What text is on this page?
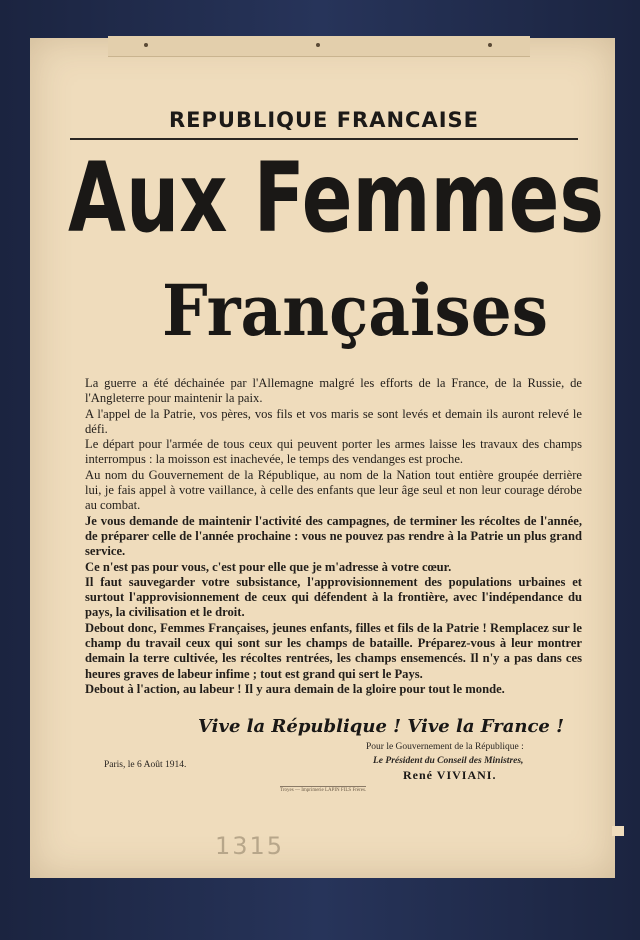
REPUBLIQUE FRANCAISE
Aux Femmes
Françaises

La guerre a été déchainée par l'Allemagne malgré les efforts de la France, de la Russie, de l'Angleterre pour maintenir la paix.

A l'appel de la Patrie, vos pères, vos fils et vos maris se sont levés et demain ils auront relevé le défi.

Le départ pour l'armée de tous ceux qui peuvent porter les armes laisse les travaux des champs interrompus : la moisson est inachevée, le temps des vendanges est proche.

Au nom du Gouvernement de la République, au nom de la Nation tout entière groupée derrière lui, je fais appel à votre vaillance, à celle des enfants que leur âge seul et non leur courage dérobe au combat.

Je vous demande de maintenir l'activité des campagnes, de terminer les récoltes de l'année, de préparer celle de l'année prochaine : vous ne pouvez pas rendre à la Patrie un plus grand service.

Ce n'est pas pour vous, c'est pour elle que je m'adresse à votre cœur.

Il faut sauvegarder votre subsistance, l'approvisionnement des populations urbaines et surtout l'approvisionnement de ceux qui défendent à la frontière, avec l'indépendance du pays, la civilisation et le droit.

Debout donc, Femmes Françaises, jeunes enfants, filles et fils de la Patrie ! Remplacez sur le champ du travail ceux qui sont sur les champs de bataille. Préparez-vous à leur montrer demain la terre cultivée, les récoltes rentrées, les champs ensemencés. Il n'y a pas dans ces heures graves de labeur infime ; tout est grand qui sert le Pays.

Debout à l'action, au labeur ! Il y aura demain de la gloire pour tout le monde.

Vive la République ! Vive la France !
Pour le Gouvernement de la République :
Le Président du Conseil des Ministres,
René VIVIANI.
Paris, le 6 Août 1914.
Troyes — Imprimerie LAPIN FILS Frères.
1315
